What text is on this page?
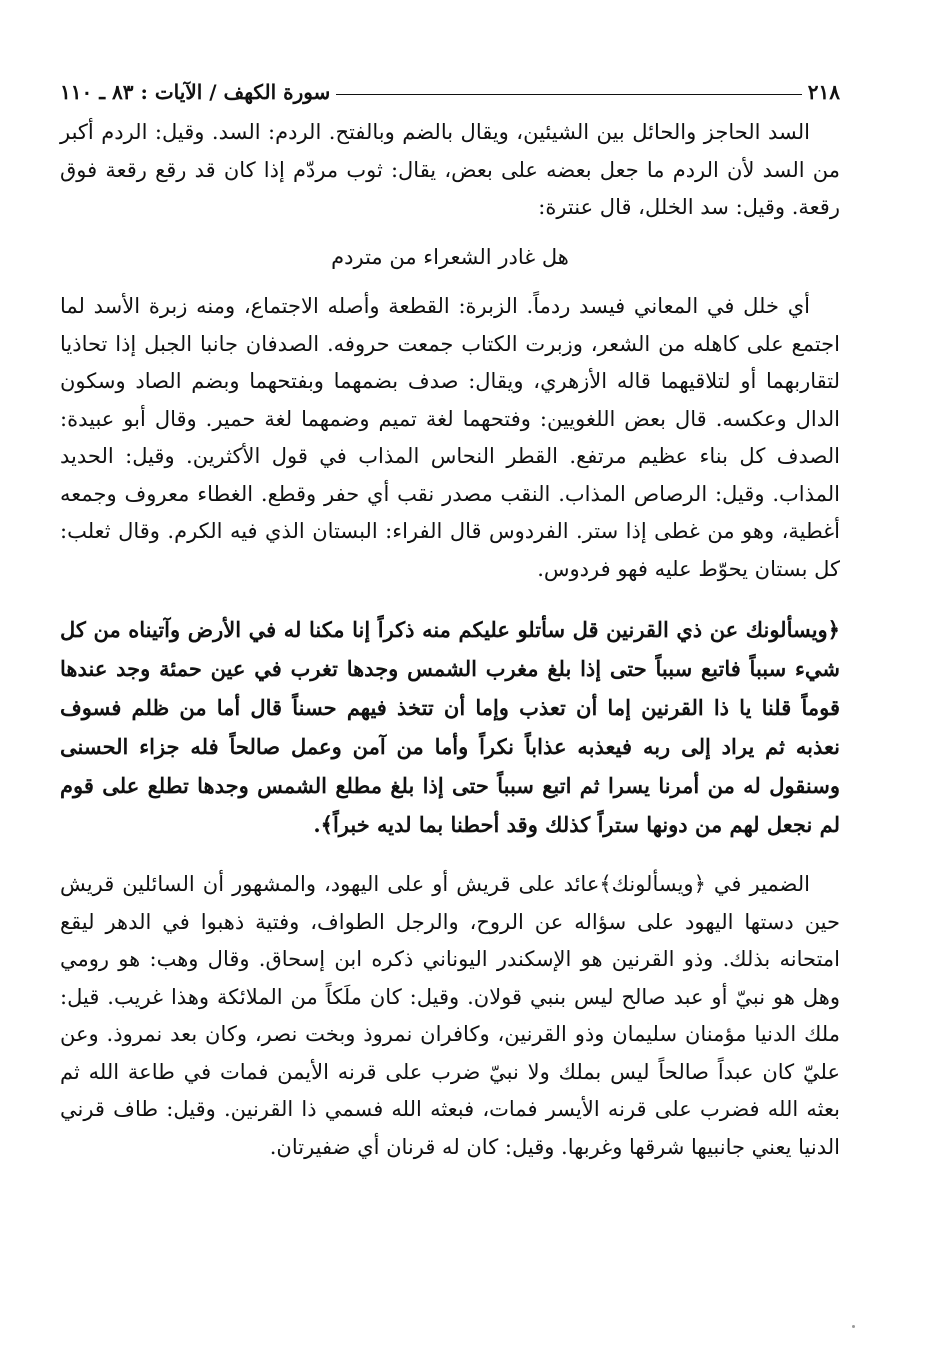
٢١٨
سورة الكهف / الآيات : ٨٣ ـ ١١٠

السد الحاجز والحائل بين الشيئين، ويقال بالضم وبالفتح. الردم: السد. وقيل: الردم أكبر من السد لأن الردم ما جعل بعضه على بعض، يقال: ثوب مردّم إذا كان قد رقع رقعة فوق رقعة. وقيل: سد الخلل، قال عنترة:

هل غادر الشعراء من متردم

أي خلل في المعاني فيسد ردماً. الزبرة: القطعة وأصله الاجتماع، ومنه زبرة الأسد لما اجتمع على كاهله من الشعر، وزبرت الكتاب جمعت حروفه. الصدفان جانبا الجبل إذا تحاذيا لتقاربهما أو لتلاقيهما قاله الأزهري، ويقال: صدف بضمهما وبفتحهما وبضم الصاد وسكون الدال وعكسه. قال بعض اللغويين: وفتحهما لغة تميم وضمهما لغة حمير. وقال أبو عبيدة: الصدف كل بناء عظيم مرتفع. القطر النحاس المذاب في قول الأكثرين. وقيل: الحديد المذاب. وقيل: الرصاص المذاب. النقب مصدر نقب أي حفر وقطع. الغطاء معروف وجمعه أغطية، وهو من غطى إذا ستر. الفردوس قال الفراء: البستان الذي فيه الكرم. وقال ثعلب: كل بستان يحوّط عليه فهو فردوس.

﴿ويسألونك عن ذي القرنين قل سأتلو عليكم منه ذكراً إنا مكنا له في الأرض وآتيناه من كل شيء سبباً فاتبع سبباً حتى إذا بلغ مغرب الشمس وجدها تغرب في عين حمئة وجد عندها قوماً قلنا يا ذا القرنين إما أن تعذب وإما أن تتخذ فيهم حسناً قال أما من ظلم فسوف نعذبه ثم يراد إلى ربه فيعذبه عذاباً نكراً وأما من آمن وعمل صالحاً فله جزاء الحسنى وسنقول له من أمرنا يسرا ثم اتبع سبباً حتى إذا بلغ مطلع الشمس وجدها تطلع على قوم لم نجعل لهم من دونها ستراً كذلك وقد أحطنا بما لديه خبراً﴾.

الضمير في ﴿ويسألونك﴾عائد على قريش أو على اليهود، والمشهور أن السائلين قريش حين دستها اليهود على سؤاله عن الروح، والرجل الطواف، وفتية ذهبوا في الدهر ليقع امتحانه بذلك. وذو القرنين هو الإسكندر اليوناني ذكره ابن إسحاق. وقال وهب: هو رومي وهل هو نبيّ أو عبد صالح ليس بنبي قولان. وقيل: كان ملَكاً من الملائكة وهذا غريب. قيل: ملك الدنيا مؤمنان سليمان وذو القرنين، وكافران نمروذ وبخت نصر، وكان بعد نمروذ. وعن عليّ كان عبداً صالحاً ليس بملك ولا نبيّ ضرب على قرنه الأيمن فمات في طاعة الله ثم بعثه الله فضرب على قرنه الأيسر فمات، فبعثه الله فسمي ذا القرنين. وقيل: طاف قرني الدنيا يعني جانبيها شرقها وغربها. وقيل: كان له قرنان أي ضفيرتان.
